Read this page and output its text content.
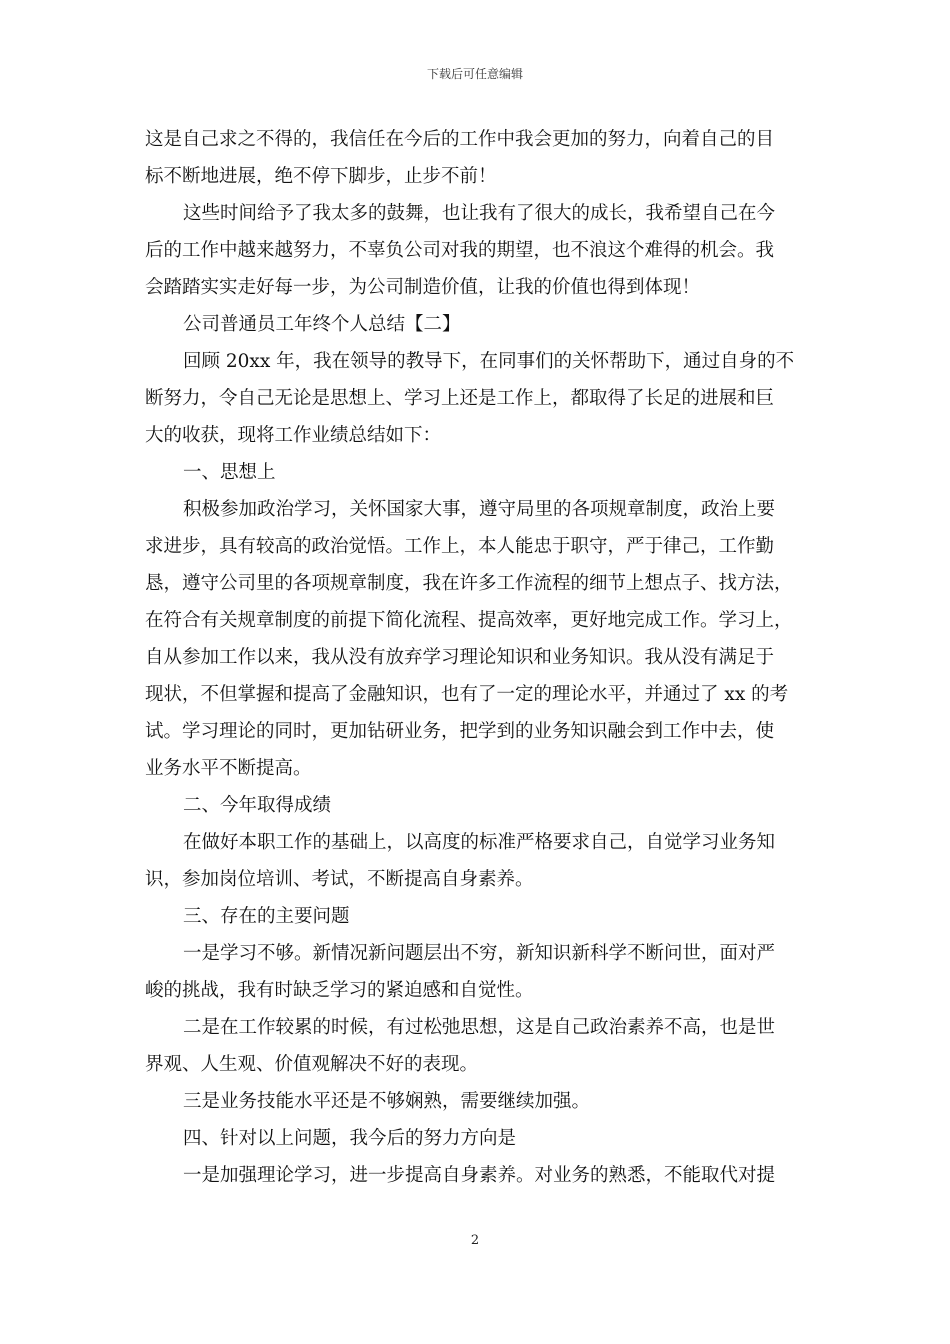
下载后可任意编辑
这是自己求之不得的，我信任在今后的工作中我会更加的努力，向着自己的目
标不断地进展，绝不停下脚步，止步不前！
这些时间给予了我太多的鼓舞，也让我有了很大的成长，我希望自己在今
后的工作中越来越努力，不辜负公司对我的期望，也不浪这个难得的机会。我
会踏踏实实走好每一步，为公司制造价值，让我的价值也得到体现！
公司普通员工年终个人总结【二】
回顾 20xx 年，我在领导的教导下，在同事们的关怀帮助下，通过自身的不
断努力，令自己无论是思想上、学习上还是工作上，都取得了长足的进展和巨
大的收获，现将工作业绩总结如下：
一、思想上
积极参加政治学习，关怀国家大事，遵守局里的各项规章制度，政治上要
求进步，具有较高的政治觉悟。工作上，本人能忠于职守，严于律己，工作勤
恳，遵守公司里的各项规章制度，我在许多工作流程的细节上想点子、找方法，
在符合有关规章制度的前提下简化流程、提高效率，更好地完成工作。学习上，
自从参加工作以来，我从没有放弃学习理论知识和业务知识。我从没有满足于
现状，不但掌握和提高了金融知识，也有了一定的理论水平，并通过了 xx 的考
试。学习理论的同时，更加钻研业务，把学到的业务知识融会到工作中去，使
业务水平不断提高。
二、今年取得成绩
在做好本职工作的基础上，以高度的标准严格要求自己，自觉学习业务知
识，参加岗位培训、考试，不断提高自身素养。
三、存在的主要问题
一是学习不够。新情况新问题层出不穷，新知识新科学不断问世，面对严
峻的挑战，我有时缺乏学习的紧迫感和自觉性。
二是在工作较累的时候，有过松弛思想，这是自己政治素养不高，也是世
界观、人生观、价值观解决不好的表现。
三是业务技能水平还是不够娴熟，需要继续加强。
四、针对以上问题，我今后的努力方向是
一是加强理论学习，进一步提高自身素养。对业务的熟悉，不能取代对提
2
